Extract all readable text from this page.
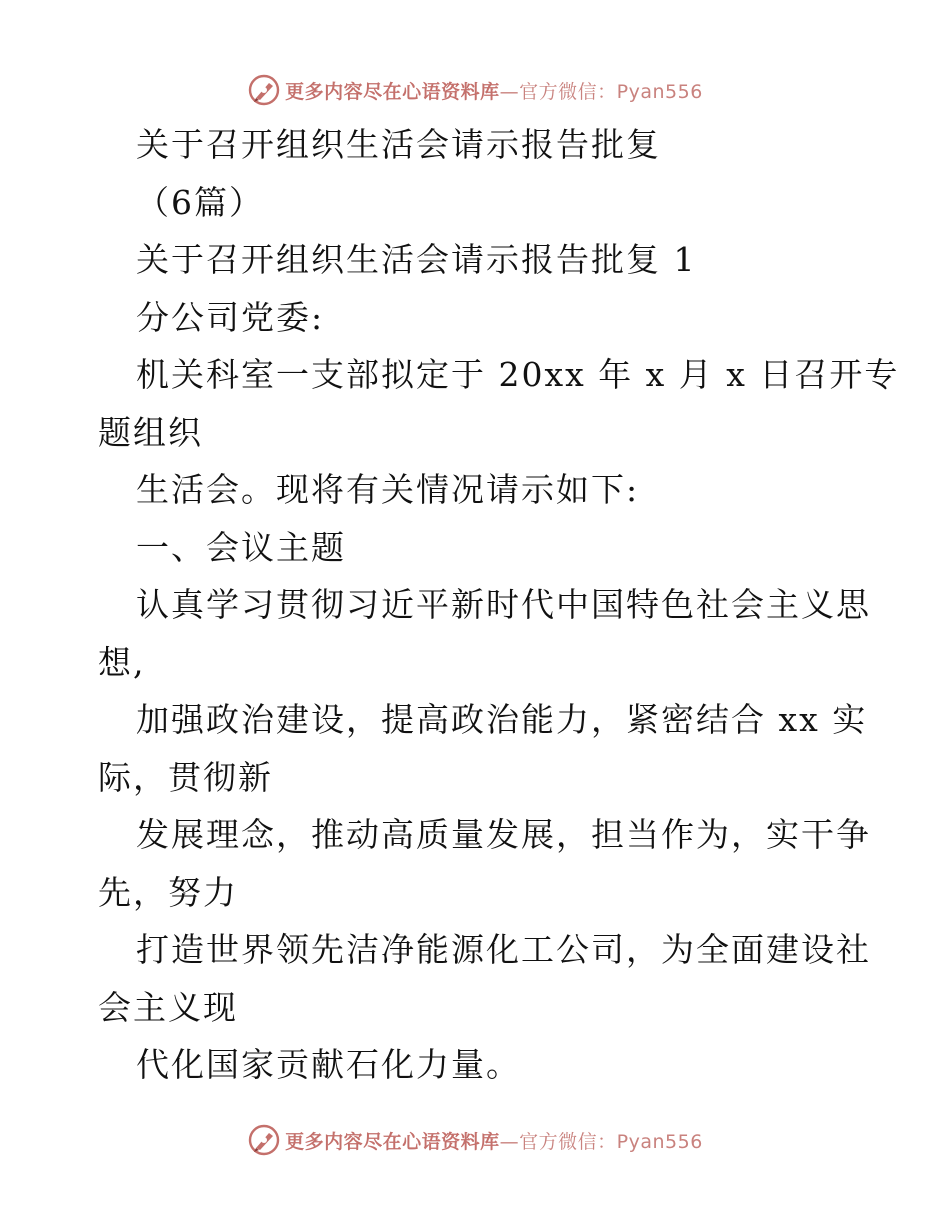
更多内容尽在心语资料库—官方微信：Pyan556
关于召开组织生活会请示报告批复
（6篇）
关于召开组织生活会请示报告批复 1
分公司党委:
机关科室一支部拟定于 20xx 年 x 月 x 日召开专
题组织
生活会。现将有关情况请示如下:
一、会议主题
认真学习贯彻习近平新时代中国特色社会主义思
想,
加强政治建设，提高政治能力，紧密结合 xx 实
际，贯彻新
发展理念，推动高质量发展，担当作为，实干争
先，努力
打造世界领先洁净能源化工公司，为全面建设社
会主义现
代化国家贡献石化力量。
更多内容尽在心语资料库—官方微信：Pyan556
